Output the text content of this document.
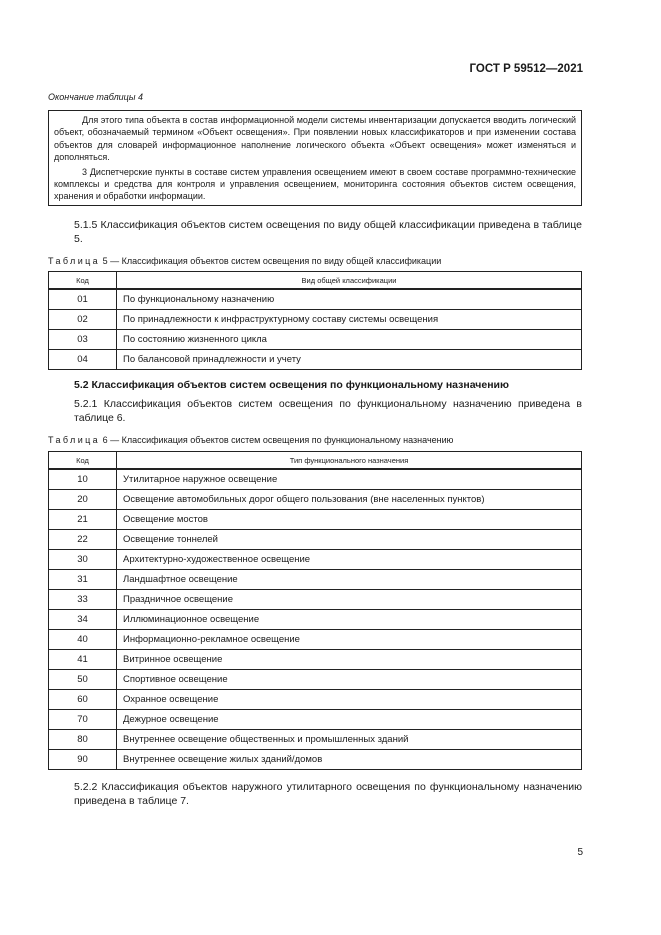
ГОСТ Р 59512—2021
Окончание таблицы 4

Для этого типа объекта в состав информационной модели системы инвентаризации допускается вводить логический объект, обозначаемый термином «Объект освещения». При появлении новых классификаторов и при изменении состава объектов для словарей информационное наполнение логического объекта «Объект освещения» может изменяться и дополняться.

3 Диспетчерские пункты в составе систем управления освещением имеют в своем составе программно-технические комплексы и средства для контроля и управления освещением, мониторинга состояния объектов систем освещения, хранения и обработки информации.

5.1.5 Классификация объектов систем освещения по виду общей классификации приведена в таблице 5.
Таблица 5 — Классификация объектов систем освещения по виду общей классификации
Код	Вид общей классификации
01	По функциональному назначению
02	По принадлежности к инфраструктурному составу системы освещения
03	По состоянию жизненного цикла
04	По балансовой принадлежности и учету
5.2 Классификация объектов систем освещения по функциональному назначению
5.2.1 Классификация объектов систем освещения по функциональному назначению приведена в таблице 6.
Таблица 6 — Классификация объектов систем освещения по функциональному назначению
Код	Тип функционального назначения
10	Утилитарное наружное освещение
20	Освещение автомобильных дорог общего пользования (вне населенных пунктов)
21	Освещение мостов
22	Освещение тоннелей
30	Архитектурно-художественное освещение
31	Ландшафтное освещение
33	Праздничное освещение
34	Иллюминационное освещение
40	Информационно-рекламное освещение
41	Витринное освещение
50	Спортивное освещение
60	Охранное освещение
70	Дежурное освещение
80	Внутреннее освещение общественных и промышленных зданий
90	Внутреннее освещение жилых зданий/домов
5.2.2 Классификация объектов наружного утилитарного освещения по функциональному назначению приведена в таблице 7.
5
